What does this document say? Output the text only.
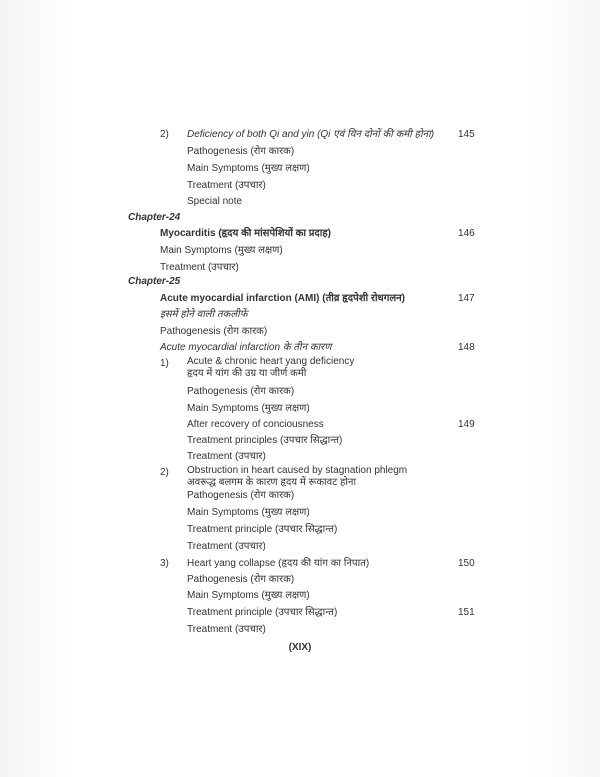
2) Deficiency of both Qi and yin (Qi एवं यिन दोनों की कमी होना) 145
Pathogenesis (रोग कारक)
Main Symptoms (मुख्य लक्षण)
Treatment (उपचार)
Special note
Chapter-24
Myocarditis (हृदय की मांसपेशियों का प्रदाह)	146
Main Symptoms (मुख्य लक्षण)
Treatment (उपचार)
Chapter-25
Acute myocardial infarction (AMI) (तीव्र हृदपेशी रोधगलन)	147
इसमें होने वाली तकलीफें
Pathogenesis (रोग कारक)
Acute myocardial infarction के तीन कारण	148
1) Acute & chronic heart yang deficiency
हृदय में यांग की उग्र या जीर्ण कमी
Pathogenesis (रोग कारक)
Main Symptoms (मुख्य लक्षण)
After recovery of conciousness	149
Treatment principles (उपचार सिद्धान्त)
Treatment (उपचार)
2) Obstruction in heart caused by stagnation phlegm
अवरूद्ध बलगम के कारण हृदय में रूकावट होना
Pathogenesis (रोग कारक)
Main Symptoms (मुख्य लक्षण)
Treatment principle (उपचार सिद्धान्त)
Treatment (उपचार)
3) Heart yang collapse (हृदय की यांग का निपात)	150
Pathogenesis (रोग कारक)
Main Symptoms (मुख्य लक्षण)
Treatment principle (उपचार सिद्धान्त)	151
Treatment (उपचार)
(XIX)
